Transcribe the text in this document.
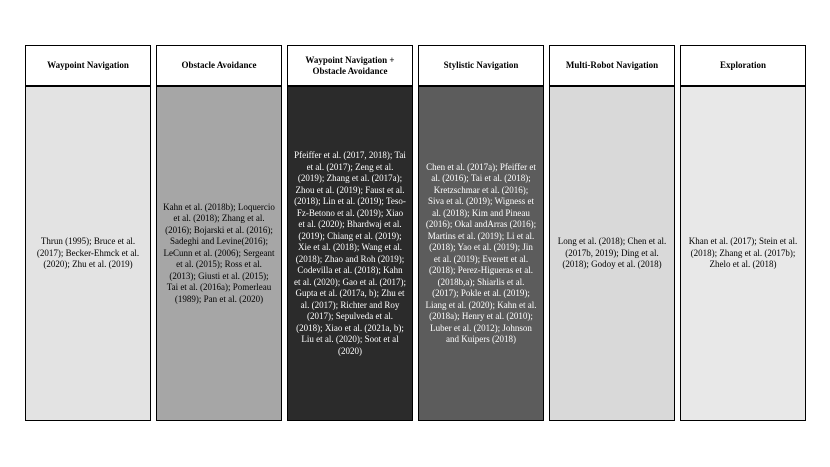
Waypoint Navigation
Thrun (1995); Bruce et al. (2017); Becker-Ehmck et al. (2020); Zhu et al. (2019)
Obstacle Avoidance
Kahn et al. (2018b); Loquercio et al. (2018); Zhang et al. (2016); Bojarski et al. (2016); Sadeghi and Levine(2016); LeCunn et al. (2006); Sergeant et al. (2015); Ross et al. (2013); Giusti et al. (2015); Tai et al. (2016a); Pomerleau (1989); Pan et al. (2020)
Waypoint Navigation + Obstacle Avoidance
Pfeiffer et al. (2017, 2018); Tai et al. (2017); Zeng et al. (2019); Zhang et al. (2017a); Zhou et al. (2019); Faust et al. (2018); Lin et al. (2019); Teso-Fz-Betono et al. (2019); Xiao et al. (2020); Bhardwaj et al. (2019); Chiang et al. (2019); Xie et al. (2018); Wang et al. (2018); Zhao and Roh (2019); Codevilla et al. (2018); Kahn et al. (2020); Gao et al. (2017); Gupta et al. (2017a, b); Zhu et al. (2017); Richter and Roy (2017); Sepulveda et al. (2018); Xiao et al. (2021a, b); Liu et al. (2020); Soot et al (2020)
Stylistic Navigation
Chen et al. (2017a); Pfeiffer et al. (2016); Tai et al. (2018); Kretzschmar et al. (2016); Siva et al. (2019); Wigness et al. (2018); Kim and Pineau (2016); Okal andArras (2016); Martins et al. (2019); Li et al. (2018); Yao et al. (2019); Jin et al. (2019); Everett et al. (2018); Perez-Higueras et al. (2018b,a); Shiarlis et al. (2017); Pokle et al. (2019); Liang et al. (2020); Kahn et al. (2018a); Henry et al. (2010); Luber et al. (2012); Johnson and Kuipers (2018)
Multi-Robot Navigation
Long et al. (2018); Chen et al. (2017b, 2019); Ding et al. (2018); Godoy et al. (2018)
Exploration
Khan et al. (2017); Stein et al. (2018); Zhang et al. (2017b); Zhelo et al. (2018)
